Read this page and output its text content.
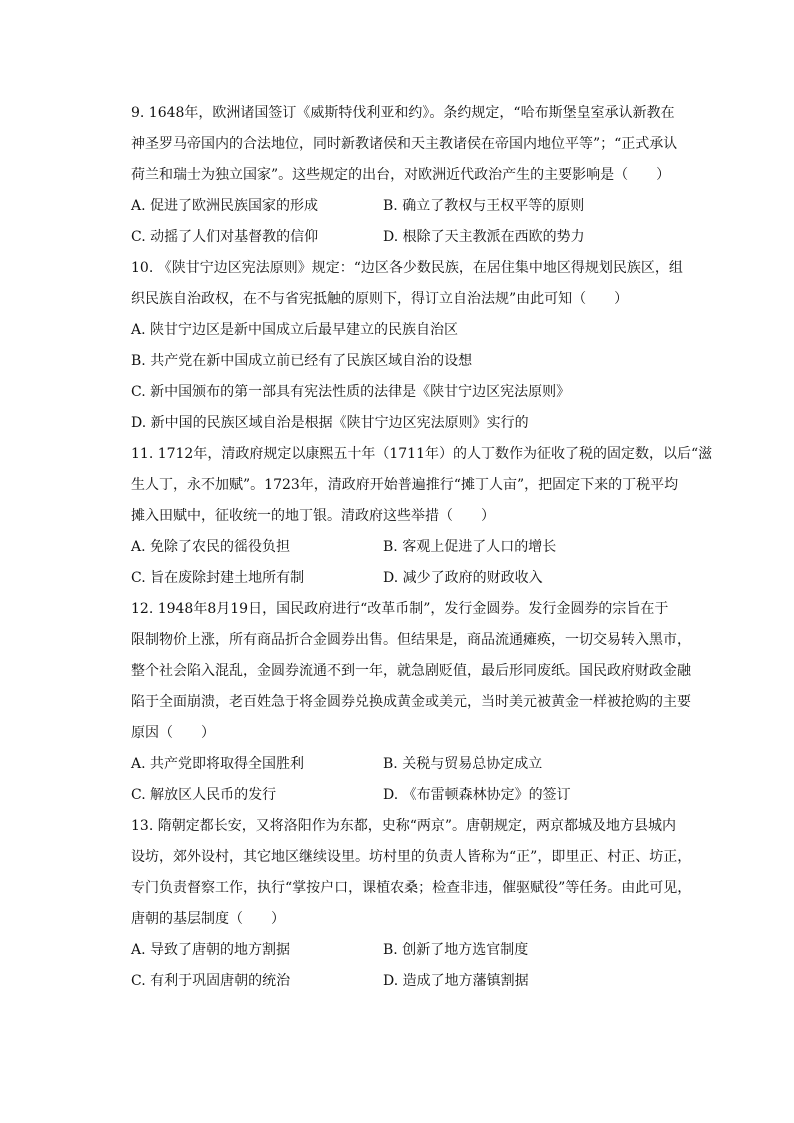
9. 1648年，欧洲诸国签订《威斯特伐利亚和约》。条约规定，“哈布斯堡皇室承认新教在
神圣罗马帝国内的合法地位，同时新教诸侯和天主教诸侯在帝国内地位平等”；“正式承认
荷兰和瑞士为独立国家”。这些规定的出台，对欧洲近代政治产生的主要影响是（　　）
A. 促进了欧洲民族国家的形成	B. 确立了教权与王权平等的原则
C. 动摇了人们对基督教的信仰	D. 根除了天主教派在西欧的势力
10. 《陕甘宁边区宪法原则》规定：“边区各少数民族，在居住集中地区得规划民族区，组
织民族自治政权，在不与省宪抵触的原则下，得订立自治法规”由此可知（　　）
A. 陕甘宁边区是新中国成立后最早建立的民族自治区
B. 共产党在新中国成立前已经有了民族区域自治的设想
C. 新中国颁布的第一部具有宪法性质的法律是《陕甘宁边区宪法原则》
D. 新中国的民族区域自治是根据《陕甘宁边区宪法原则》实行的
11. 1712年，清政府规定以康熙五十年（1711年）的人丁数作为征收了税的固定数，以后“滋
生人丁，永不加赋”。1723年，清政府开始普遍推行“摊丁人亩”，把固定下来的丁税平均
摊入田赋中，征收统一的地丁银。清政府这些举措（　　）
A. 免除了农民的徭役负担	B. 客观上促进了人口的增长
C. 旨在废除封建土地所有制	D. 减少了政府的财政收入
12. 1948年8月19日，国民政府进行“改革币制”，发行金圆券。发行金圆券的宗旨在于
限制物价上涨，所有商品折合金圆券出售。但结果是，商品流通瘫痪，一切交易转入黑市，
整个社会陷入混乱，金圆券流通不到一年，就急剧贬值，最后形同废纸。国民政府财政金融
陷于全面崩溃，老百姓急于将金圆券兑换成黄金或美元，当时美元被黄金一样被抢购的主要
原因（　　）
A. 共产党即将取得全国胜利	B. 关税与贸易总协定成立
C. 解放区人民币的发行	D. 《布雷顿森林协定》的签订
13. 隋朝定都长安，又将洛阳作为东都，史称“两京”。唐朝规定，两京都城及地方县城内
设坊，郊外设村，其它地区继续设里。坊村里的负责人皆称为“正”，即里正、村正、坊正，
专门负责督察工作，执行“掌按户口，课植农桑；检查非违，催驱赋役”等任务。由此可见，
唐朝的基层制度（　　）
A. 导致了唐朝的地方割据	B. 创新了地方选官制度
C. 有利于巩固唐朝的统治	D. 造成了地方藩镇割据
